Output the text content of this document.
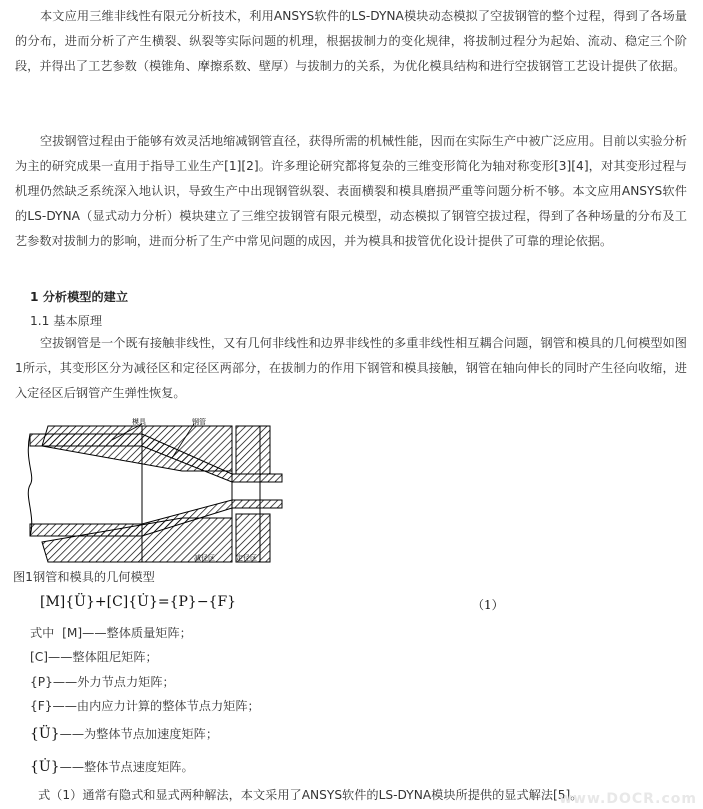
本文应用三维非线性有限元分析技术，利用ANSYS软件的LS-DYNA模块动态模拟了空拔钢管的整个过程，得到了各场量的分布，进而分析了产生横裂、纵裂等实际问题的机理，根据拔制力的变化规律，将拔制过程分为起始、流动、稳定三个阶段，并得出了工艺参数（模锥角、摩擦系数、壁厚）与拔制力的关系，为优化模具结构和进行空拔钢管工艺设计提供了依据。

空拔钢管过程由于能够有效灵活地缩减钢管直径，获得所需的机械性能，因而在实际生产中被广泛应用。目前以实验分析为主的研究成果一直用于指导工业生产[1][2]。许多理论研究都将复杂的三维变形简化为轴对称变形[3][4]，对其变形过程与机理仍然缺乏系统深入地认识，导致生产中出现钢管纵裂、表面横裂和模具磨损严重等问题分析不够。本文应用ANSYS软件的LS-DYNA（显式动力分析）模块建立了三维空拔钢管有限元模型，动态模拟了钢管空拔过程，得到了各种场量的分布及工艺参数对拔制力的影响，进而分析了生产中常见问题的成因，并为模具和拔管优化设计提供了可靠的理论依据。

1 分析模型的建立

1.1 基本原理

空拔钢管是一个既有接触非线性，又有几何非线性和边界非线性的多重非线性相互耦合问题，钢管和模具的几何模型如图1所示，其变形区分为减径区和定径区两部分，在拔制力的作用下钢管和模具接触，钢管在轴向伸长的同时产生径向收缩，进入定径区后钢管产生弹性恢复。

模具	钢管
减径区	定径区

图1钢管和模具的几何模型

[M]{Ü}+[C]{U̇}={P}−{F}	（1）
式中 [M]——整体质量矩阵；
[C]——整体阻尼矩阵；
{P}——外力节点力矩阵；
{F}——由内应力计算的整体节点力矩阵；
{Ü}——为整体节点加速度矩阵；
{U̇}——整体节点速度矩阵。

式（1）通常有隐式和显式两种解法，本文采用了ANSYS软件的LS-DYNA模块所提供的显式解法[5]。

www.DOCR.com
